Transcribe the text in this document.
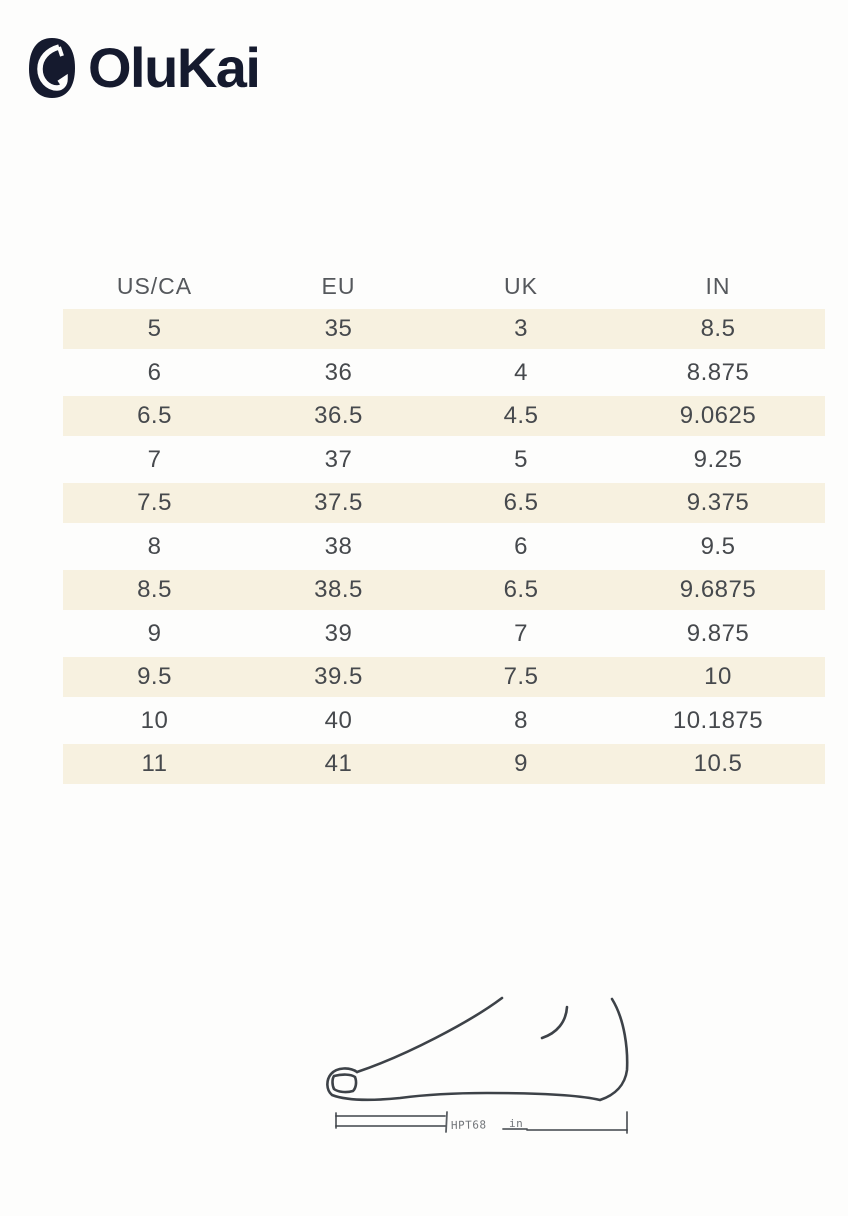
OluKai
US/CA	EU	UK	IN
5	35	3	8.5
6	36	4	8.875
6.5	36.5	4.5	9.0625
7	37	5	9.25
7.5	37.5	6.5	9.375
8	38	6	9.5
8.5	38.5	6.5	9.6875
9	39	7	9.875
9.5	39.5	7.5	10
10	40	8	10.1875
11	41	9	10.5
HPT68 in
